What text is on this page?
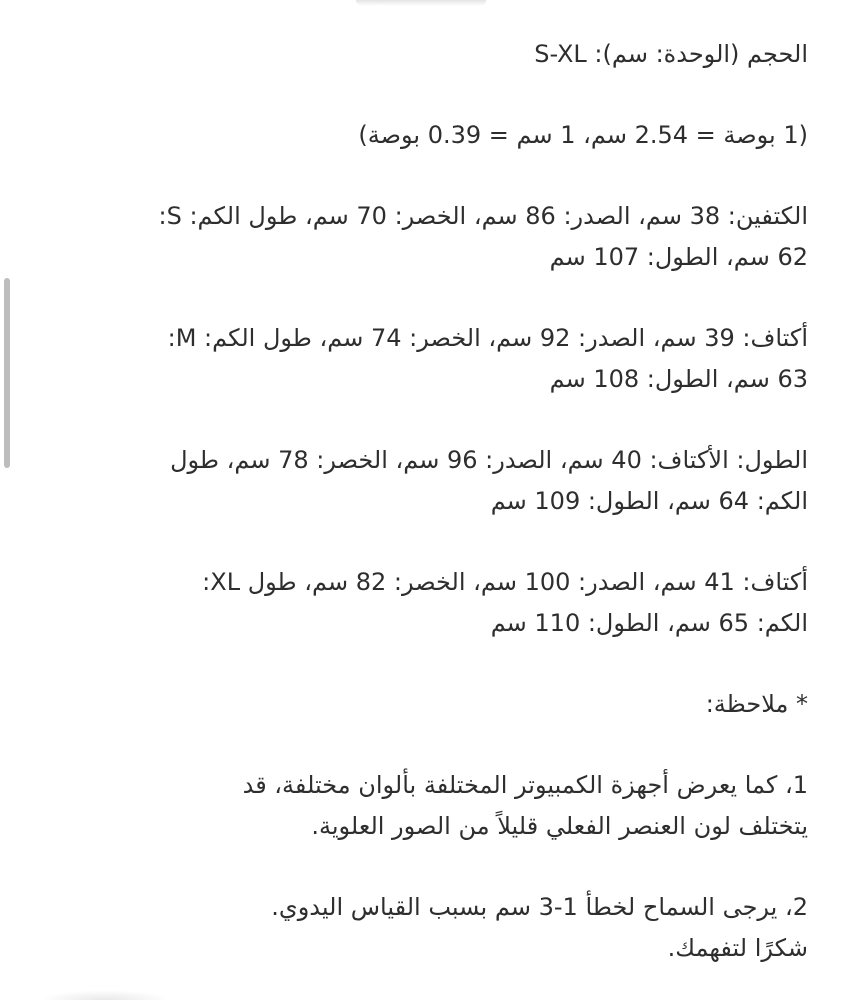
الحجم (الوحدة: سم): S-XL

(1 بوصة = 2.54 سم، 1 سم = 0.39 بوصة)

الكتفين: 38 سم، الصدر: 86 سم، الخصر: 70 سم، طول الكم: S:
62 سم، الطول: 107 سم

أكتاف: 39 سم، الصدر: 92 سم، الخصر: 74 سم، طول الكم: M:
63 سم، الطول: 108 سم

الطول: الأكتاف: 40 سم، الصدر: 96 سم، الخصر: 78 سم، طول
الكم: 64 سم، الطول: 109 سم

أكتاف: 41 سم، الصدر: 100 سم، الخصر: 82 سم، طول XL:
الكم: 65 سم، الطول: 110 سم

* ملاحظة:

1، كما يعرض أجهزة الكمبيوتر المختلفة بألوان مختلفة، قد
يتختلف لون العنصر الفعلي قليلاً من الصور العلوية.

2، يرجى السماح لخطأ 1-3 سم بسبب القياس اليدوي.
شكرًا لتفهمك.
